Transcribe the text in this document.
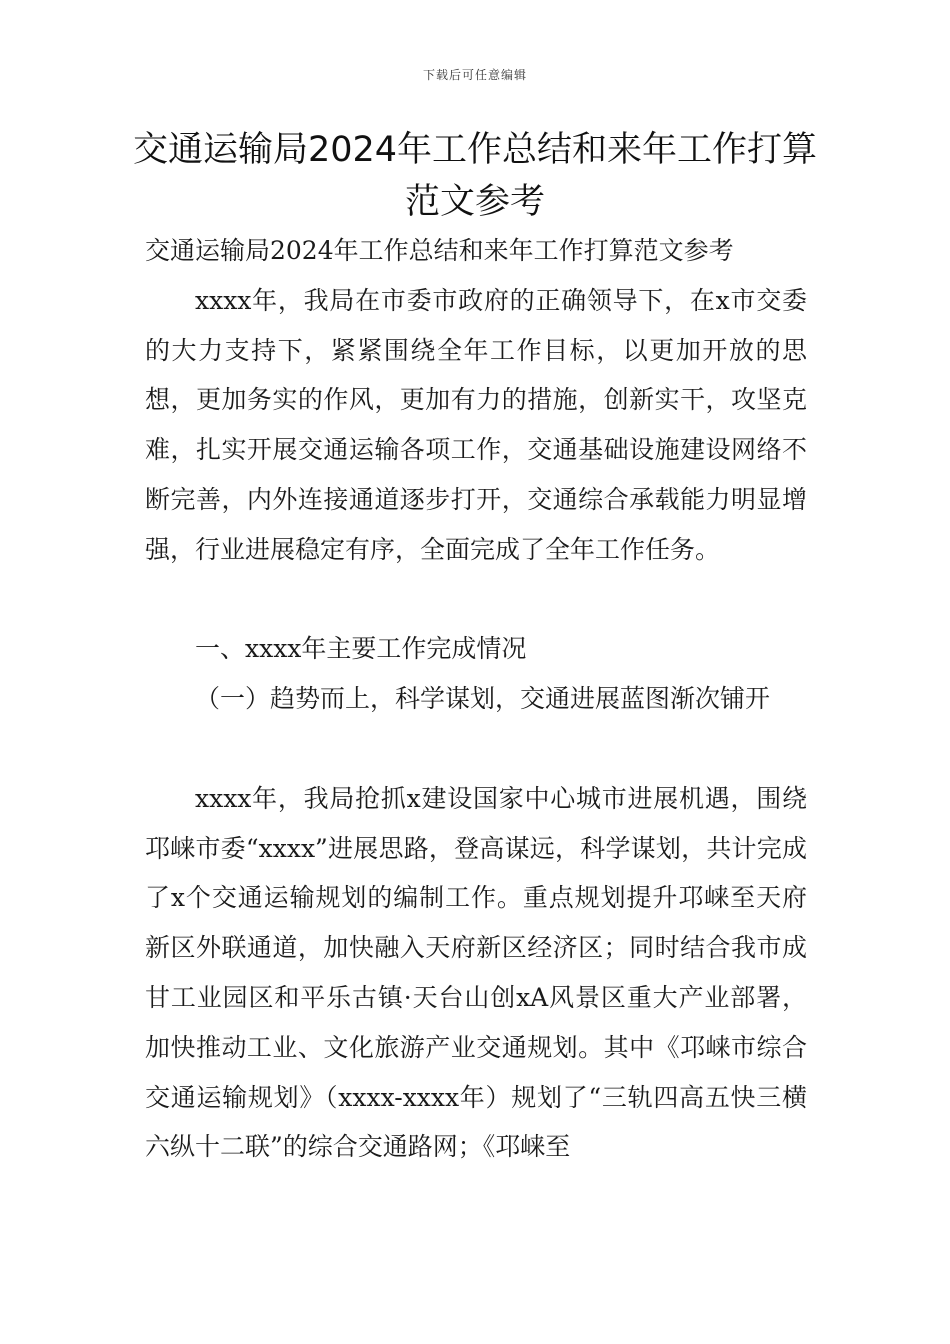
下载后可任意编辑
交通运输局2024年工作总结和来年工作打算范文参考

交通运输局2024年工作总结和来年工作打算范文参考

xxxx年，我局在市委市政府的正确领导下，在x市交委的大力支持下，紧紧围绕全年工作目标，以更加开放的思想，更加务实的作风，更加有力的措施，创新实干，攻坚克难，扎实开展交通运输各项工作，交通基础设施建设网络不断完善，内外连接通道逐步打开，交通综合承载能力明显增强，行业进展稳定有序，全面完成了全年工作任务。

一、xxxx年主要工作完成情况

（一）趋势而上，科学谋划，交通进展蓝图渐次铺开

xxxx年，我局抢抓x建设国家中心城市进展机遇，围绕邛崃市委“xxxx”进展思路，登高谋远，科学谋划，共计完成了x个交通运输规划的编制工作。重点规划提升邛崃至天府新区外联通道，加快融入天府新区经济区；同时结合我市成甘工业园区和平乐古镇·天台山创xA风景区重大产业部署，加快推动工业、文化旅游产业交通规划。其中《邛崃市综合交通运输规划》（xxxx-xxxx年）规划了“三轨四高五快三横六纵十二联”的综合交通路网；《邛崃至
